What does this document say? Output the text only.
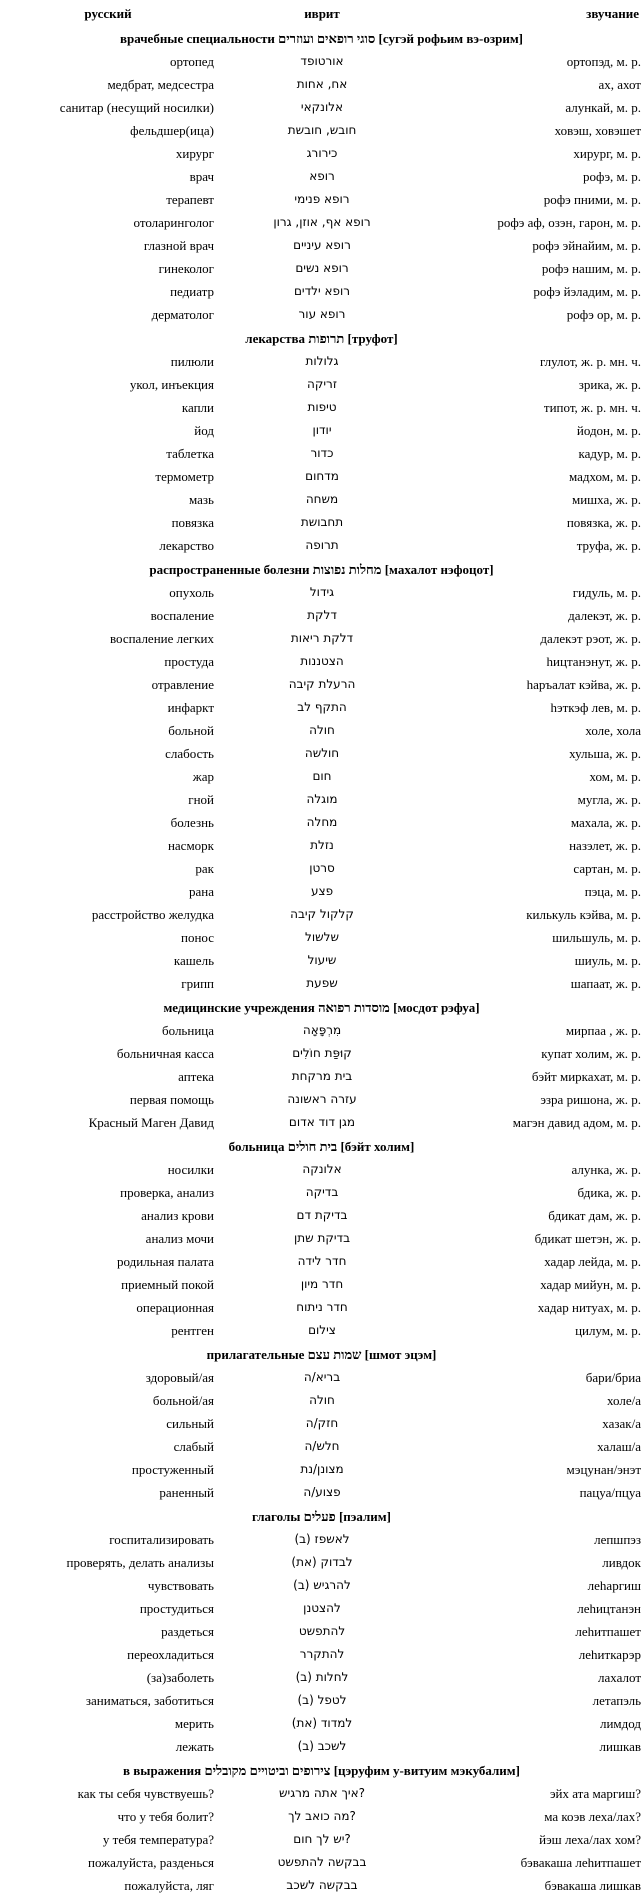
русский	иврит	звучание
врачебные специальности סוגי רופאים ועוזרים [сугэй рофьим вэ-озрим]		
ортопед	אורטופד	ортопэд, м. р.
медбрат, медсестра	אח, אחות	ах, ахот
санитар (несущий носилки)	אלונקאי	алункай, м. р.
фельдшер(ица)	חובש, חובשת	ховэш, ховэшет
хирург	כירורג	хирург, м. р.
врач	רופא	рофэ, м. р.
терапевт	רופא פנימי	рофэ пними, м. р.
отоларинголог	רופא אף, אוזן, גרון	рофэ аф, озэн, гарон, м. р.
глазной врач	רופא עיניים	рофэ эйнайим, м. р.
гинеколог	רופא נשים	рофэ нашим, м. р.
педиатр	רופא ילדים	рофэ йэладим, м. р.
дерматолог	רופא עור	рофэ ор, м. р.
лекарства תרופות [труфот]		
пилюли	גלולות	глулот, ж. р. мн. ч.
укол, инъекция	זריקה	зрика, ж. р.
капли	טיפות	типот, ж. р. мн. ч.
йод	יודון	йодон, м. р.
таблетка	כדור	кадур, м. р.
термометр	מדחום	мадхом, м. р.
мазь	משחה	мишха, ж. р.
повязка	תחבושת	повязка, ж. р.
лекарство	תרופה	труфа, ж. р.
распространенные болезни מחלות נפוצות [махалот нэфоцот]		
опухоль	גידול	гидуль, м. р.
воспаление	דלקת	далекэт, ж. р.
воспаление легких	דלקת ריאות	далекэт рэот, ж. р.
простуда	הצטננות	hицтанэнут, ж. р.
отравление	הרעלת קיבה	hаръалат кэйва, ж. р.
инфаркт	התקף לב	hэткэф лев, м. р.
больной	חולה	холе, хола
слабость	חולשה	хульша, ж. р.
жар	חום	хом, м. р.
гной	מוגלה	мугла, ж. р.
болезнь	מחלה	махала, ж. р.
насморк	נזלת	назэлет, ж. р.
рак	סרטן	сартан, м. р.
рана	פצע	пэца, м. р.
расстройство желудка	קלקול קיבה	килькуль кэйва, м. р.
понос	שלשול	шильшуль, м. р.
кашель	שיעול	шиуль, м. р.
грипп	שפעת	шапаат, ж. р.
медицинские учреждения מוסדות רפואה [мосдот рэфуа]		
больница	מִרְפָּאָה	мирпаа , ж. р.
больничная касса	קוּפַּת חוֹלִים	купат холим, ж. р.
аптека	בית מרקחת	бэйт миркахат, м. р.
первая помощь	עזרה ראשונה	эзра ришона, ж. р.
Красный Маген Давид	מגן דוד אדום	магэн давид адом, м. р.
больница בית חולים [бэйт холим]		
носилки	אלונקה	алунка, ж. р.
проверка, анализ	בדיקה	бдика, ж. р.
анализ крови	בדיקת דם	бдикат дам, ж. р.
анализ мочи	בדיקת שתן	бдикат шетэн, ж. р.
родильная палата	חדר לידה	хадар лейда, м. р.
приемный покой	חדר מיון	хадар мийун, м. р.
операционная	חדר ניתוח	хадар нитуах, м. р.
рентген	צילום	цилум, м. р.
прилагательные שמות עצם [шмот эцэм]		
здоровый/ая	בריא/ה	бари/бриа
больной/ая	חולה	холе/а
сильный	חזק/ה	хазак/а
слабый	חלש/ה	халаш/а
простуженный	מצונן/נת	мэцунан/энэт
раненный	פצוע/ה	пацуа/пцуа
глаголы פעלים [пэалим]		
госпитализировать	לאשפז (ב)	лепшпэз
проверять, делать анализы	לבדוק (את)	ливдок
чувствовать	להרגיש (ב)	леhаргиш
простудиться	להצטנן	леhицтанэн
раздеться	להתפשט	леhитпашет
переохладиться	להתקרר	леhиткарэр
(за)заболеть	לחלות (ב)	лахалот
заниматься, заботиться	לטפל (ב)	летапэль
мерить	למדוד (את)	лимдод
лежать	לשכב (ב)	лишкав
в выражения צירופים וביטויים מקובלים [цэруфим у-витуим мэкубалим]		
как ты себя чувствуешь?	?איך אתה מרגיש	эйх ата маргиш?
что у тебя болит?	?מה כואב לך	ма коэв леха/лах?
у тебя температура?	?יש לך חום	йэш леха/лах хом?
пожалуйста, разденься	בבקשה להתפשט	бэвакаша леhитпашет
пожалуйста, ляг	בבקשה לשכב	бэвакаша лишкав
